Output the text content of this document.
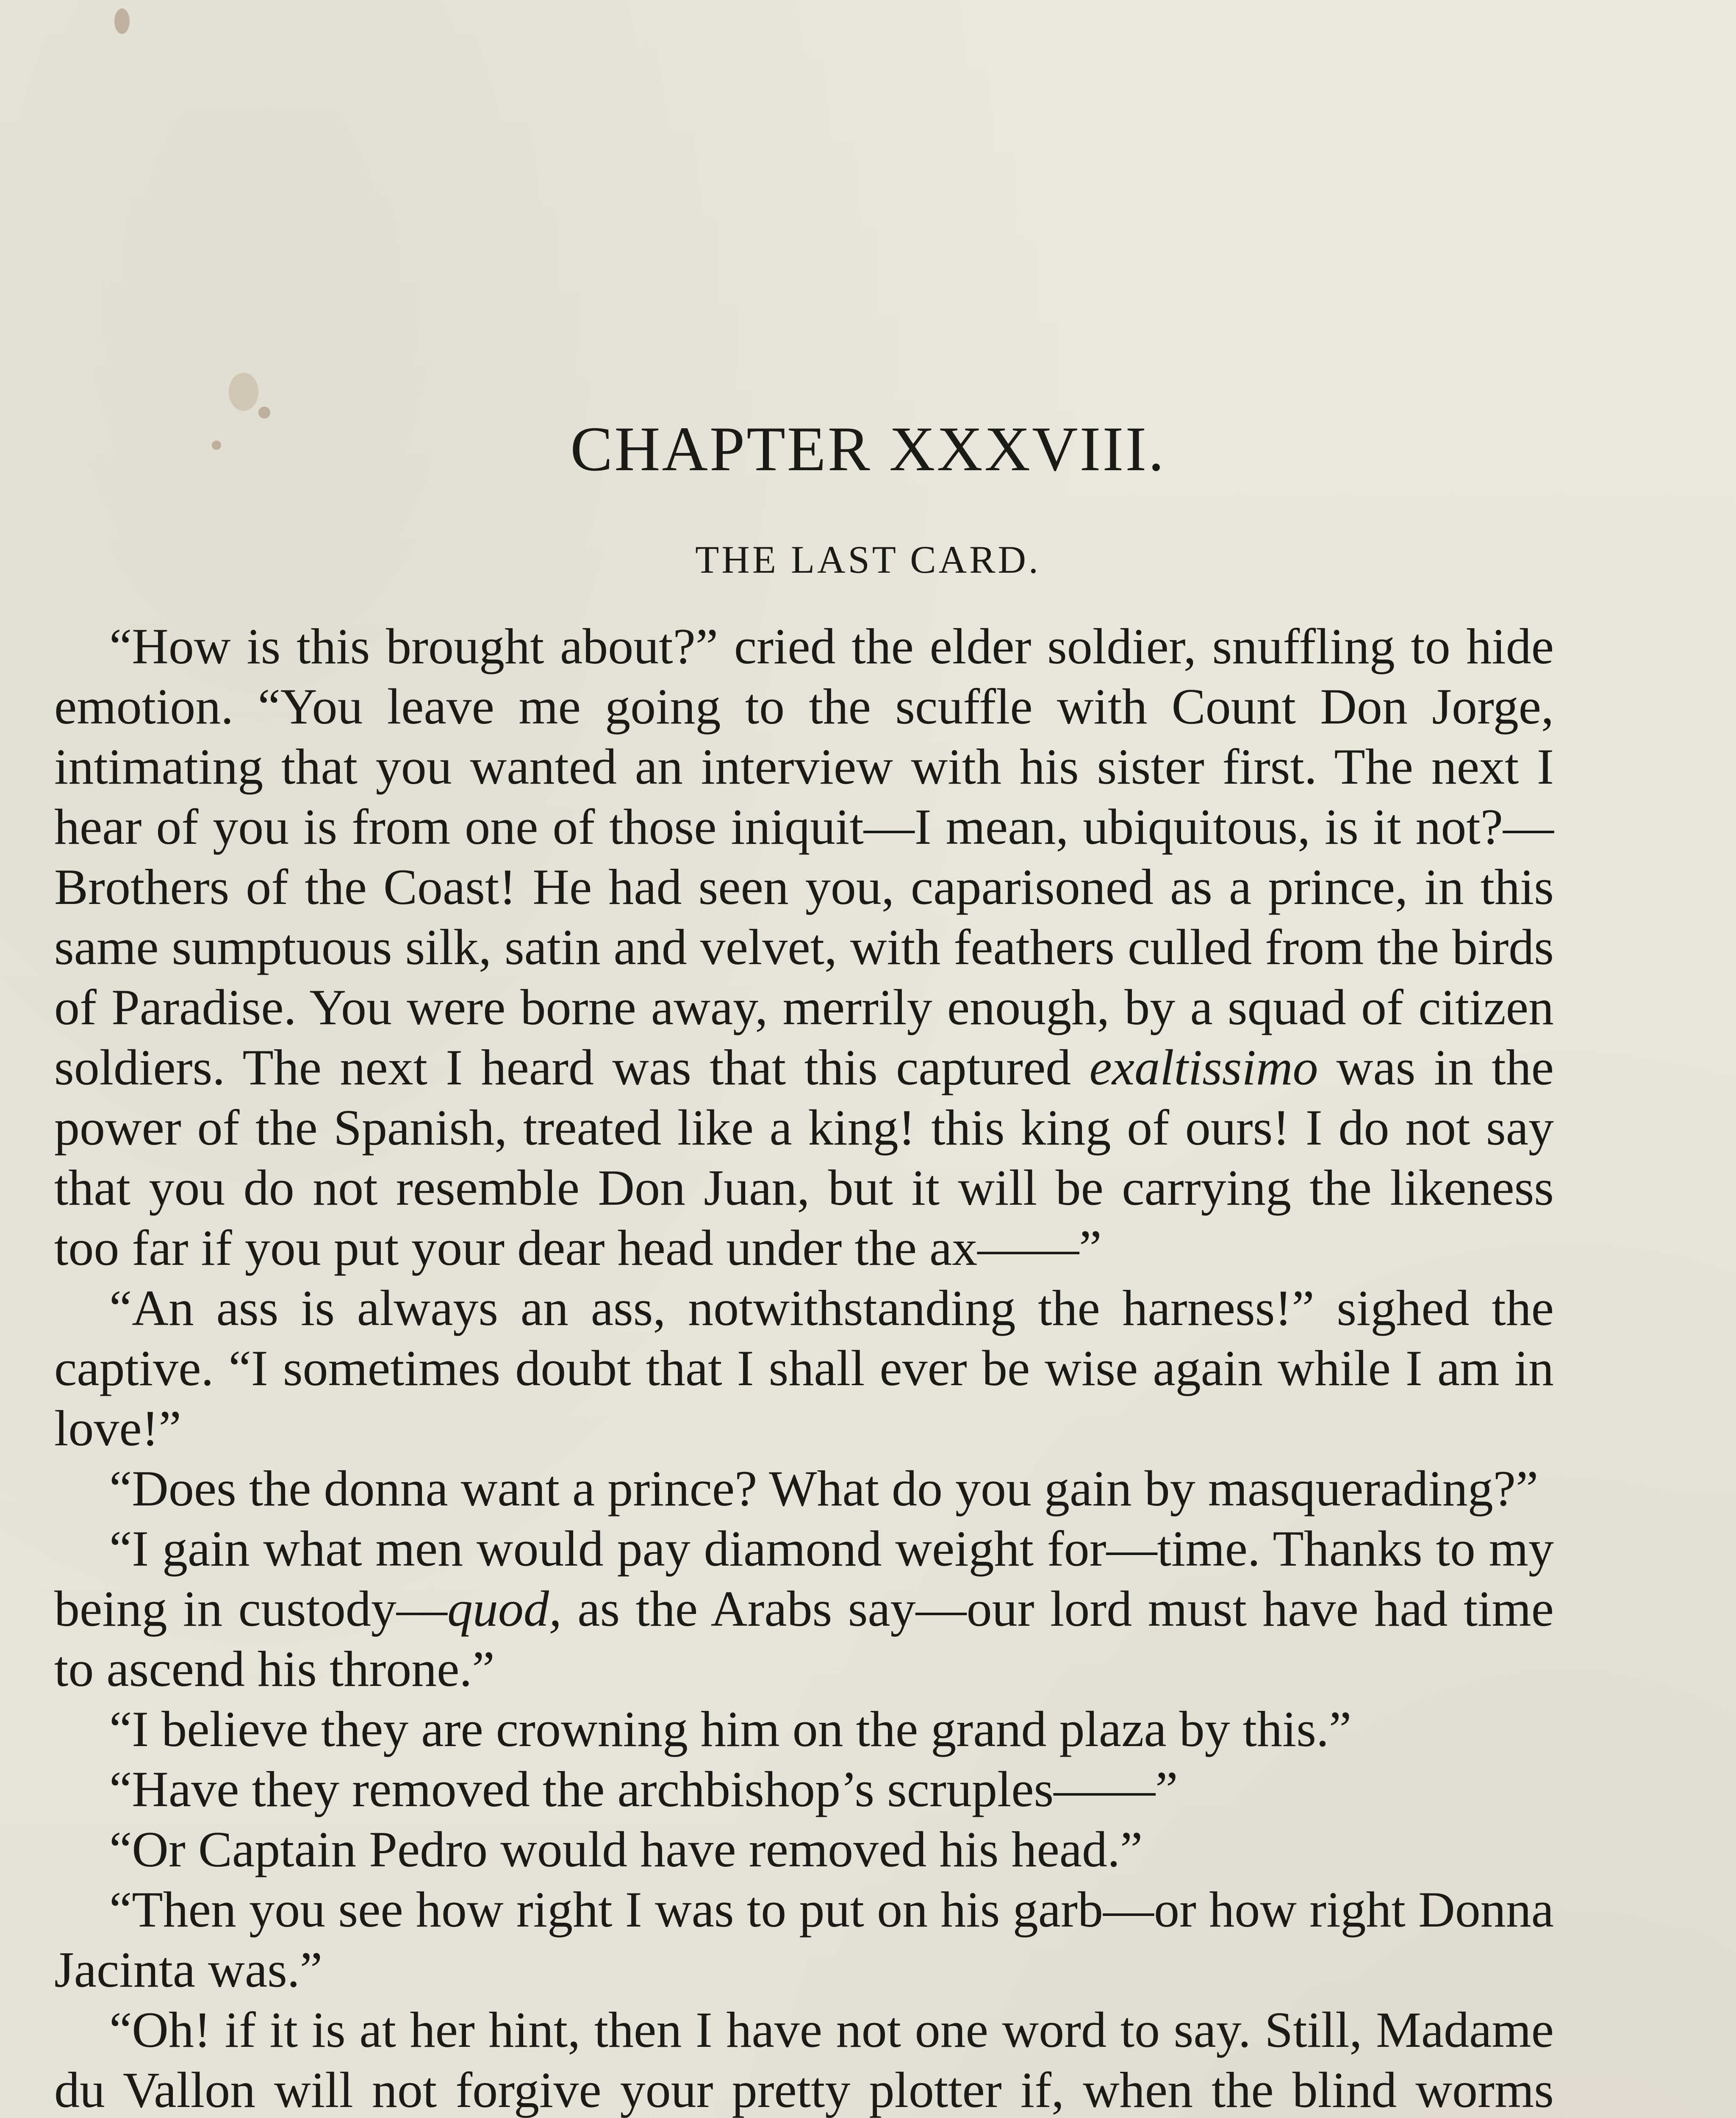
CHAPTER XXXVIII.
THE LAST CARD.

“How is this brought about?” cried the elder soldier, snuffling to hide emotion. “You leave me going to the scuffle with Count Don Jorge, intimating that you wanted an interview with his sister first. The next I hear of you is from one of those iniquit—I mean, ubiquitous, is it not?—Brothers of the Coast! He had seen you, caparisoned as a prince, in this same sumptuous silk, satin and velvet, with feathers culled from the birds of Paradise. You were borne away, merrily enough, by a squad of citizen soldiers. The next I heard was that this captured exaltissimo was in the power of the Spanish, treated like a king! this king of ours! I do not say that you do not resemble Don Juan, but it will be carrying the likeness too far if you put your dear head under the ax——”

“An ass is always an ass, notwithstanding the harness!” sighed the captive. “I sometimes doubt that I shall ever be wise again while I am in love!”

“Does the donna want a prince? What do you gain by masquerading?”

“I gain what men would pay diamond weight for—time. Thanks to my being in custody—quod, as the Arabs say—our lord must have had time to ascend his throne.”

“I believe they are crowning him on the grand plaza by this.”

“Have they removed the archbishop’s scruples——”

“Or Captain Pedro would have removed his head.”

“Then you see how right I was to put on his garb—or how right Donna Jacinta was.”

“Oh! if it is at her hint, then I have not one word to say. Still, Madame du Vallon will not forgive your pretty plotter if, when the blind worms
